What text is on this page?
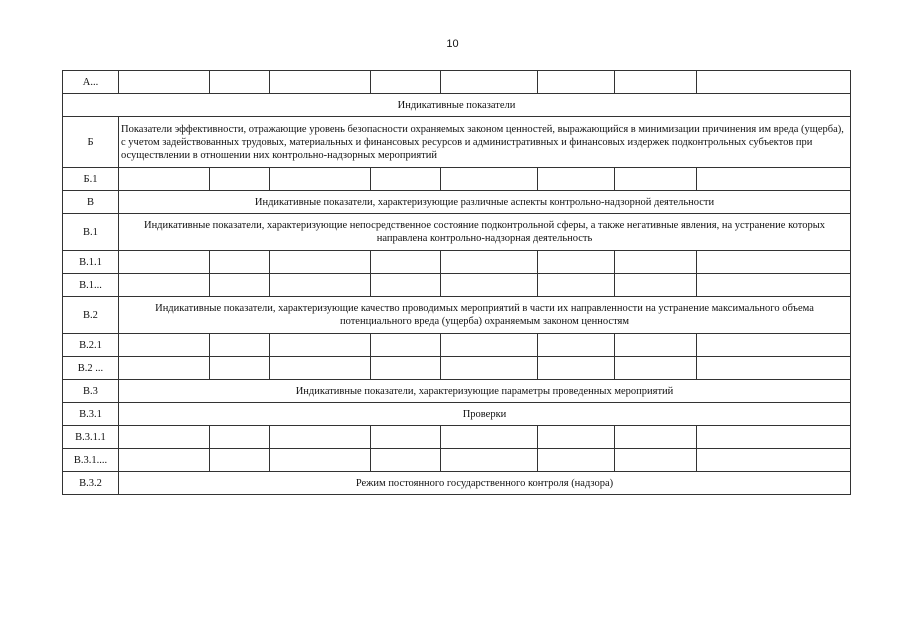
10
А...								
Индикативные показатели								
Б	Показатели эффективности, отражающие уровень безопасности охраняемых законом ценностей, выражающийся в минимизации причинения им вреда (ущерба), с учетом задействованных трудовых, материальных и финансовых ресурсов и административных и финансовых издержек подконтрольных субъектов при осуществлении в отношении них контрольно-надзорных мероприятий							
Б.1								
В	Индикативные показатели, характеризующие различные аспекты контрольно-надзорной деятельности							
В.1	Индикативные показатели, характеризующие непосредственное состояние подконтрольной сферы, а также негативные явления, на устранение которых направлена контрольно-надзорная деятельность							
В.1.1								
В.1...								
В.2	Индикативные показатели, характеризующие качество проводимых мероприятий в части их направленности на устранение максимального объема потенциального вреда (ущерба) охраняемым законом ценностям							
В.2.1								
В.2 ...								
В.3	Индикативные показатели, характеризующие параметры проведенных мероприятий							
В.3.1	Проверки							
В.3.1.1								
В.3.1....								
В.3.2	Режим постоянного государственного контроля (надзора)							
